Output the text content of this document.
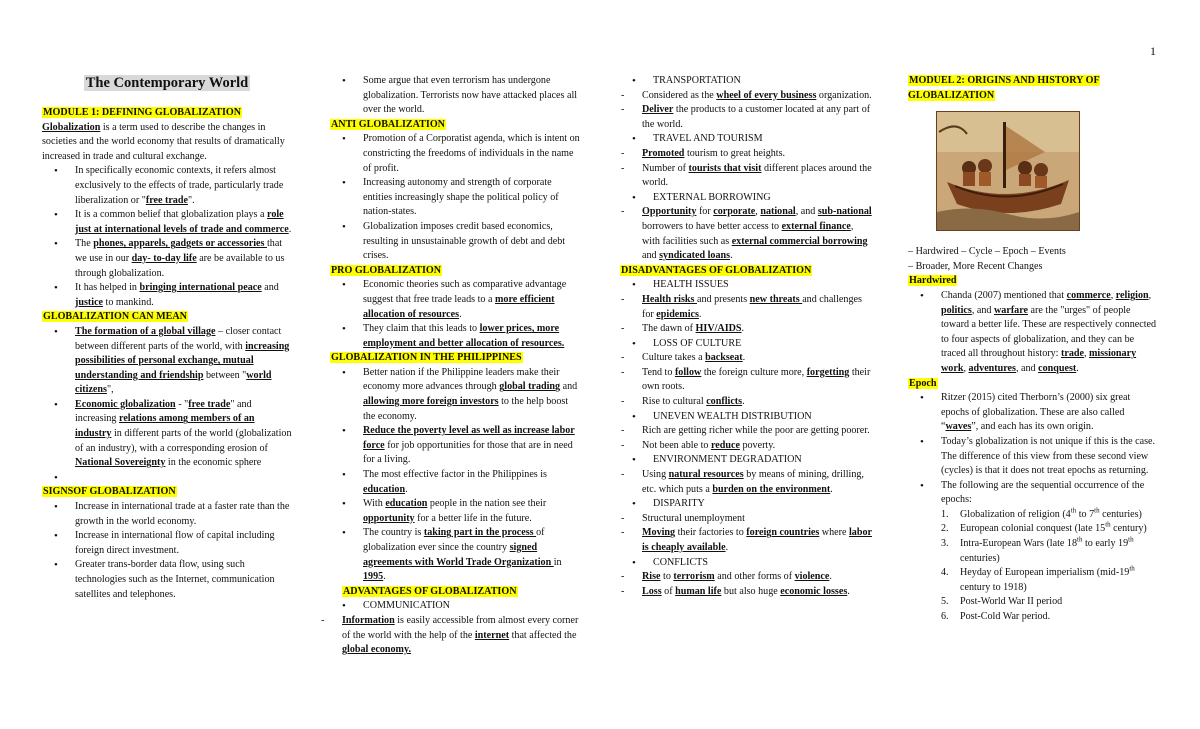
1
The Contemporary World
MODULE 1: DEFINING GLOBALIZATION

Globalization is a term used to describe the changes in societies and the world economy that results of dramatically increased in trade and cultural exchange.

• In specifically economic contexts, it refers almost exclusively to the effects of trade, particularly trade liberalization or "free trade".

• It is a common belief that globalization plays a role just at international levels of trade and commerce.

• The phones, apparels, gadgets or accessories that we use in our day- to-day life are be available to us through globalization.

• It has helped in bringing international peace and justice to mankind.

GLOBALIZATION CAN MEAN

• The formation of a global village – closer contact between different parts of the world, with increasing possibilities of personal exchange, mutual understanding and friendship between "world citizens",

• Economic globalization - "free trade" and increasing relations among members of an industry in different parts of the world (globalization of an industry), with a corresponding erosion of National Sovereignty in the economic sphere

•

SIGNSOF GLOBALIZATION

• Increase in international trade at a faster rate than the growth in the world economy.

• Increase in international flow of capital including foreign direct investment.

• Greater trans-border data flow, using such technologies such as the Internet, communication satellites and telephones.

• Some argue that even terrorism has undergone globalization. Terrorists now have attacked places all over the world.

ANTI GLOBALIZATION

• Promotion of a Corporatist agenda, which is intent on constricting the freedoms of individuals in the name of profit.

• Increasing autonomy and strength of corporate entities increasingly shape the political policy of nation-states.

• Globalization imposes credit based economics, resulting in unsustainable growth of debt and debt crises.

PRO GLOBALIZATION

• Economic theories such as comparative advantage suggest that free trade leads to a more efficient allocation of resources.

• They claim that this leads to lower prices, more employment and better allocation of resources.

GLOBALIZATION IN THE PHILIPPINES

• Better nation if the Philippine leaders make their economy more advances through global trading and allowing more foreign investors to the help boost the economy.

• Reduce the poverty level as well as increase labor force for job opportunities for those that are in need for a living.

• The most effective factor in the Philippines is education.

• With education people in the nation see their opportunity for a better life in the future.

• The country is taking part in the process of globalization ever since the country signed agreements with World Trade Organization in 1995.

ADVANTAGES OF GLOBALIZATION

• COMMUNICATION

- Information is easily accessible from almost every corner of the world with the help of the internet that affected the global economy.

• TRANSPORTATION

- Considered as the wheel of every business organization.

- Deliver the products to a customer located at any part of the world.

• TRAVEL AND TOURISM

- Promoted tourism to great heights.

- Number of tourists that visit different places around the world.

• EXTERNAL BORROWING

- Opportunity for corporate, national, and sub-national borrowers to have better access to external finance, with facilities such as external commercial borrowing and syndicated loans.

DISADVANTAGES OF GLOBALIZATION

• HEALTH ISSUES

- Health risks and presents new threats and challenges for epidemics.

- The dawn of HIV/AIDS.

• LOSS OF CULTURE

- Culture takes a backseat.

- Tend to follow the foreign culture more, forgetting their own roots.

- Rise to cultural conflicts.

• UNEVEN WEALTH DISTRIBUTION

- Rich are getting richer while the poor are getting poorer.

- Not been able to reduce poverty.

• ENVIRONMENT DEGRADATION

- Using natural resources by means of mining, drilling, etc. which puts a burden on the environment.

• DISPARITY

- Structural unemployment

- Moving their factories to foreign countries where labor is cheaply available.

• CONFLICTS

- Rise to terrorism and other forms of violence.

- Loss of human life but also huge economic losses.

MODUEL 2: ORIGINS AND HISTORY OF GLOBALIZATION

– Hardwired – Cycle – Epoch – Events

– Broader, More Recent Changes

Hardwired

• Chanda (2007) mentioned that commerce, religion, politics, and warfare are the "urges" of people toward a better life. These are respectively connected to four aspects of globalization, and they can be traced all throughout history: trade, missionary work, adventures, and conquest.

Epoch

• Ritzer (2015) cited Therborn’s (2000) six great epochs of globalization. These are also called “waves”, and each has its own origin.

• Today’s globalization is not unique if this is the case. The difference of this view from these second view (cycles) is that it does not treat epochs as returning.

• The following are the sequential occurrence of the epochs:

1. Globalization of religion (4th to 7th centuries)

2. European colonial conquest (late 15th century)

3. Intra-European Wars (late 18th to early 19th centuries)

4. Heyday of European imperialism (mid-19th century to 1918)

5. Post-World War II period

6. Post-Cold War period.
